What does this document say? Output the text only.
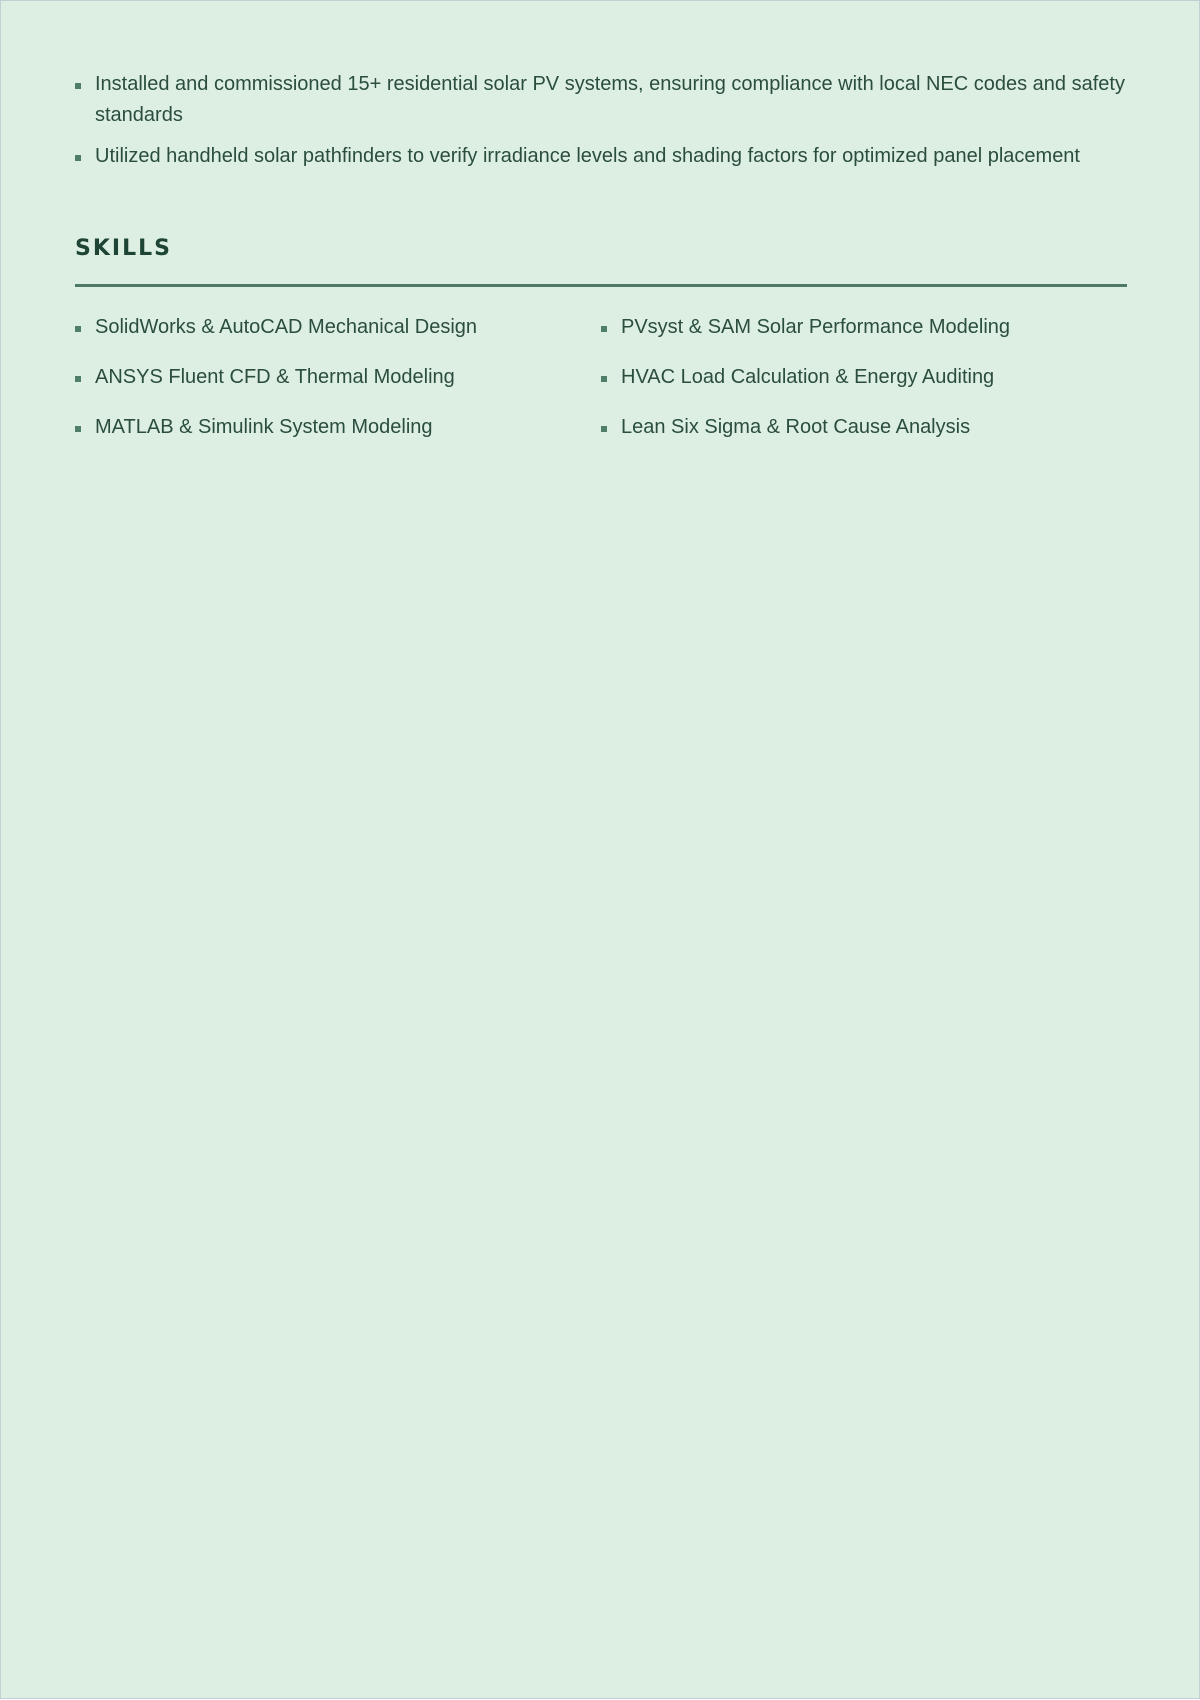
Installed and commissioned 15+ residential solar PV systems, ensuring compliance with local NEC codes and safety standards
Utilized handheld solar pathfinders to verify irradiance levels and shading factors for optimized panel placement
SKILLS
SolidWorks & AutoCAD Mechanical Design
ANSYS Fluent CFD & Thermal Modeling
MATLAB & Simulink System Modeling
PVsyst & SAM Solar Performance Modeling
HVAC Load Calculation & Energy Auditing
Lean Six Sigma & Root Cause Analysis
